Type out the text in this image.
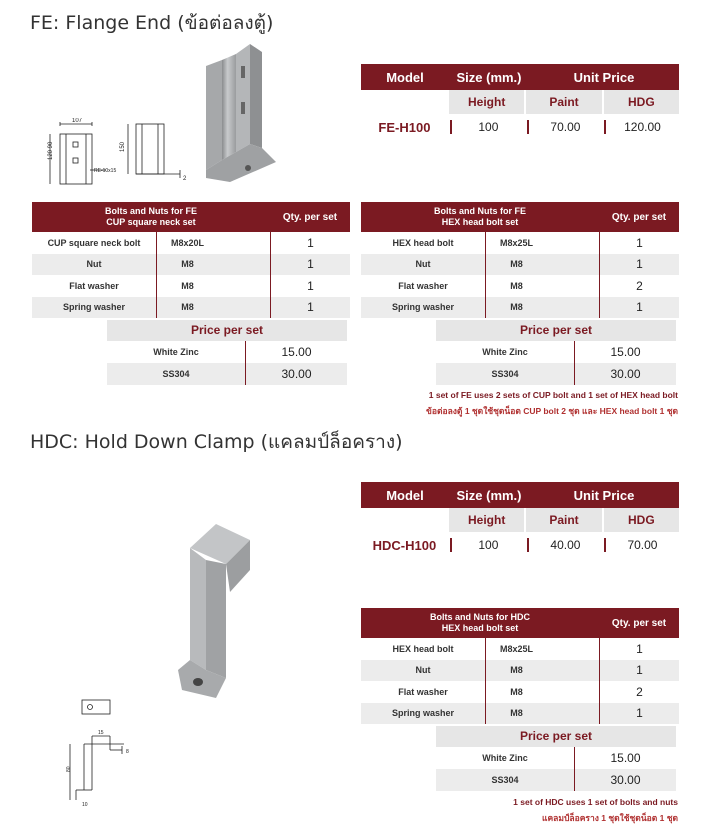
FE: Flange End (ข้อต่อลงตู้)
107
150
2
120 90
RE-10x15
Model	Size (mm.)	Unit Price
Height	Paint	HDG
FE-H100	100	70.00	120.00
Bolts and Nuts for FE
CUP square neck set	Qty. per set
CUP square neck bolt	M8x20L	1
Nut	M8	1
Flat washer	M8	1
Spring washer	M8	1
Price per set
White Zinc	15.00
SS304	30.00
Bolts and Nuts for FE
HEX head bolt set	Qty. per set
HEX head bolt	M8x25L	1
Nut	M8	1
Flat washer	M8	2
Spring washer	M8	1
Price per set
White Zinc	15.00
SS304	30.00
1 set of FE uses 2 sets of CUP bolt and 1 set of HEX head bolt
ข้อต่อลงตู้ 1 ชุดใช้ชุดน็อต CUP bolt 2 ชุด และ HEX head bolt 1 ชุด
HDC: Hold Down Clamp (แคลมป์ล็อคราง)
15
8
80
10
Model	Size (mm.)	Unit Price
Height	Paint	HDG
HDC-H100	100	40.00	70.00
Bolts and Nuts for HDC
HEX head bolt set	Qty. per set
HEX head bolt	M8x25L	1
Nut	M8	1
Flat washer	M8	2
Spring washer	M8	1
Price per set
White Zinc	15.00
SS304	30.00
1 set of HDC uses 1 set of bolts and nuts
แคลมป์ล็อคราง 1 ชุดใช้ชุดน็อต 1 ชุด
